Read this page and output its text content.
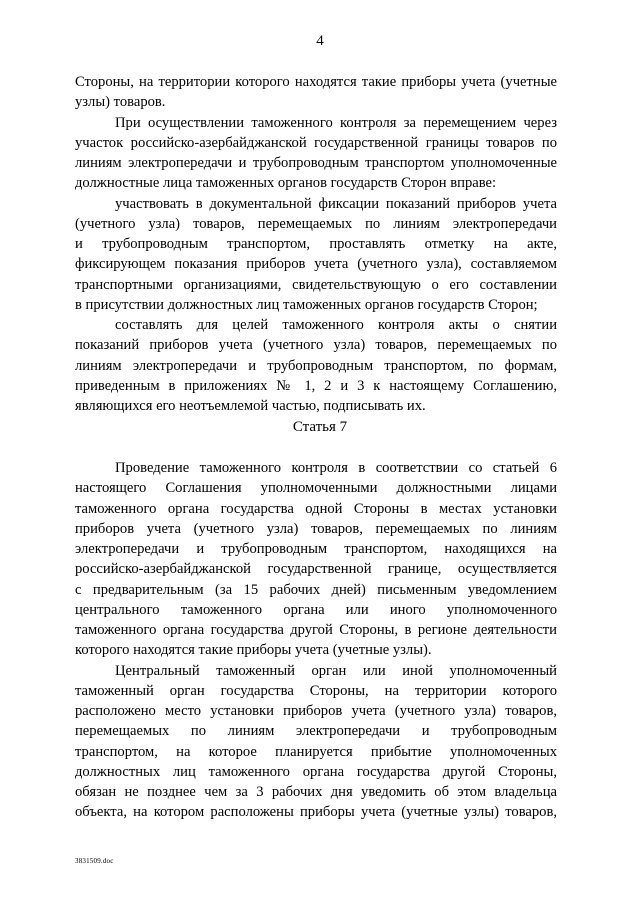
4
Стороны, на территории которого находятся такие приборы учета (учетные
узлы) товаров.
При осуществлении таможенного контроля за перемещением через
участок российско-азербайджанской государственной границы товаров по
линиям электропередачи и трубопроводным транспортом уполномоченные
должностные лица таможенных органов государств Сторон вправе:
участвовать в документальной фиксации показаний приборов учета
(учетного узла) товаров, перемещаемых по линиям электропередачи
и трубопроводным транспортом, проставлять отметку на акте,
фиксирующем показания приборов учета (учетного узла), составляемом
транспортными организациями, свидетельствующую о его составлении
в присутствии должностных лиц таможенных органов государств Сторон;
составлять для целей таможенного контроля акты о снятии
показаний приборов учета (учетного узла) товаров, перемещаемых по
линиям электропередачи и трубопроводным транспортом, по формам,
приведенным в приложениях № 1, 2 и 3 к настоящему Соглашению,
являющихся его неотъемлемой частью, подписывать их.
Статья 7
Проведение таможенного контроля в соответствии со статьей 6
настоящего Соглашения уполномоченными должностными лицами
таможенного органа государства одной Стороны в местах установки
приборов учета (учетного узла) товаров, перемещаемых по линиям
электропередачи и трубопроводным транспортом, находящихся на
российско-азербайджанской государственной границе, осуществляется
с предварительным (за 15 рабочих дней) письменным уведомлением
центрального таможенного органа или иного уполномоченного
таможенного органа государства другой Стороны, в регионе деятельности
которого находятся такие приборы учета (учетные узлы).
Центральный таможенный орган или иной уполномоченный
таможенный орган государства Стороны, на территории которого
расположено место установки приборов учета (учетного узла) товаров,
перемещаемых по линиям электропередачи и трубопроводным
транспортом, на которое планируется прибытие уполномоченных
должностных лиц таможенного органа государства другой Стороны,
обязан не позднее чем за 3 рабочих дня уведомить об этом владельца
объекта, на котором расположены приборы учета (учетные узлы) товаров,
3831509.doc
